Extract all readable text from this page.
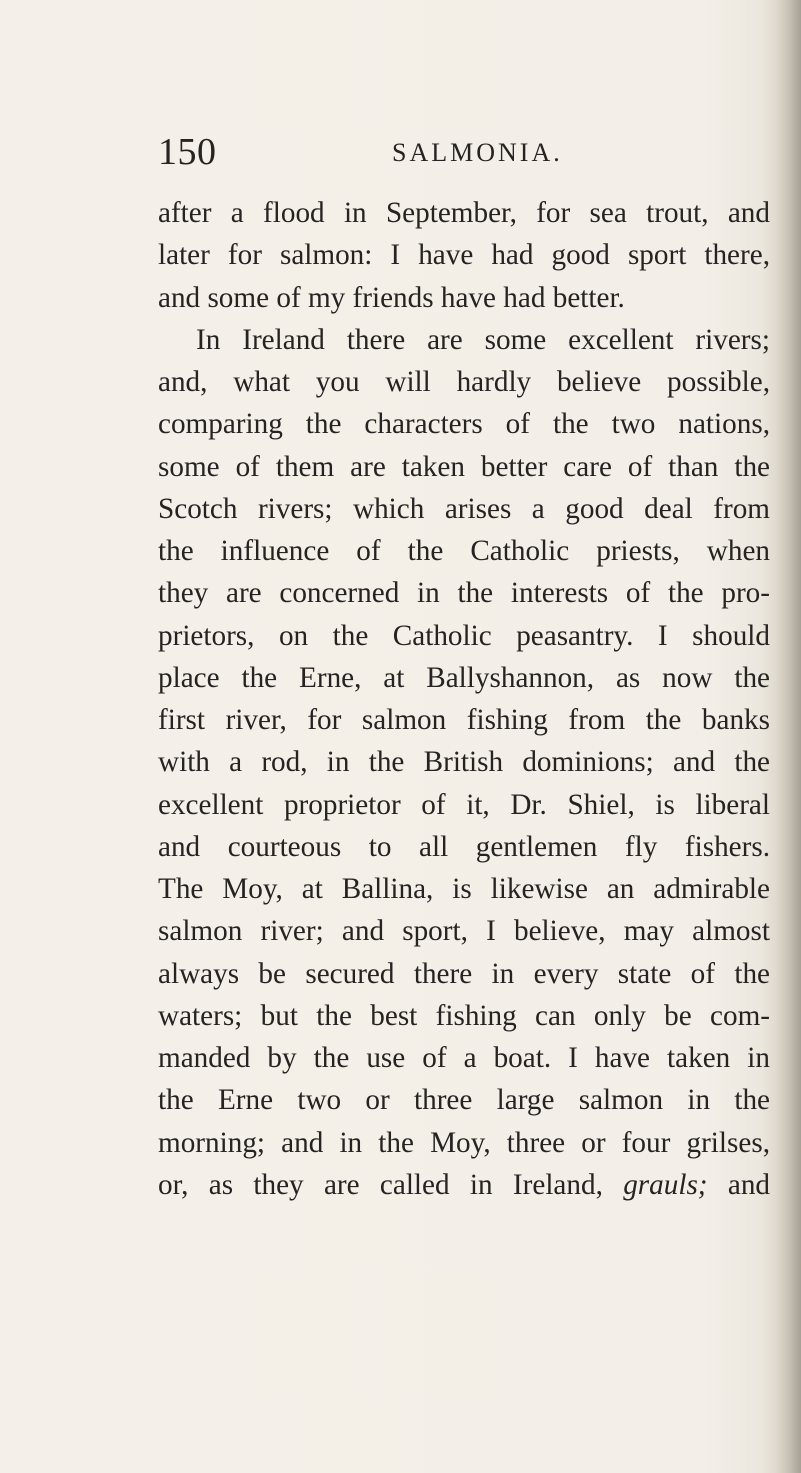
150	SALMONIA.
after a flood in September, for sea trout, and
later for salmon: I have had good sport there,
and some of my friends have had better.
In Ireland there are some excellent rivers;
and, what you will hardly believe possible,
comparing the characters of the two nations,
some of them are taken better care of than the
Scotch rivers; which arises a good deal from
the influence of the Catholic priests, when
they are concerned in the interests of the pro-
prietors, on the Catholic peasantry. I should
place the Erne, at Ballyshannon, as now the
first river, for salmon fishing from the banks
with a rod, in the British dominions; and the
excellent proprietor of it, Dr. Shiel, is liberal
and courteous to all gentlemen fly fishers.
The Moy, at Ballina, is likewise an admirable
salmon river; and sport, I believe, may almost
always be secured there in every state of the
waters; but the best fishing can only be com-
manded by the use of a boat. I have taken in
the Erne two or three large salmon in the
morning; and in the Moy, three or four grilses,
or, as they are called in Ireland, grauls; and
